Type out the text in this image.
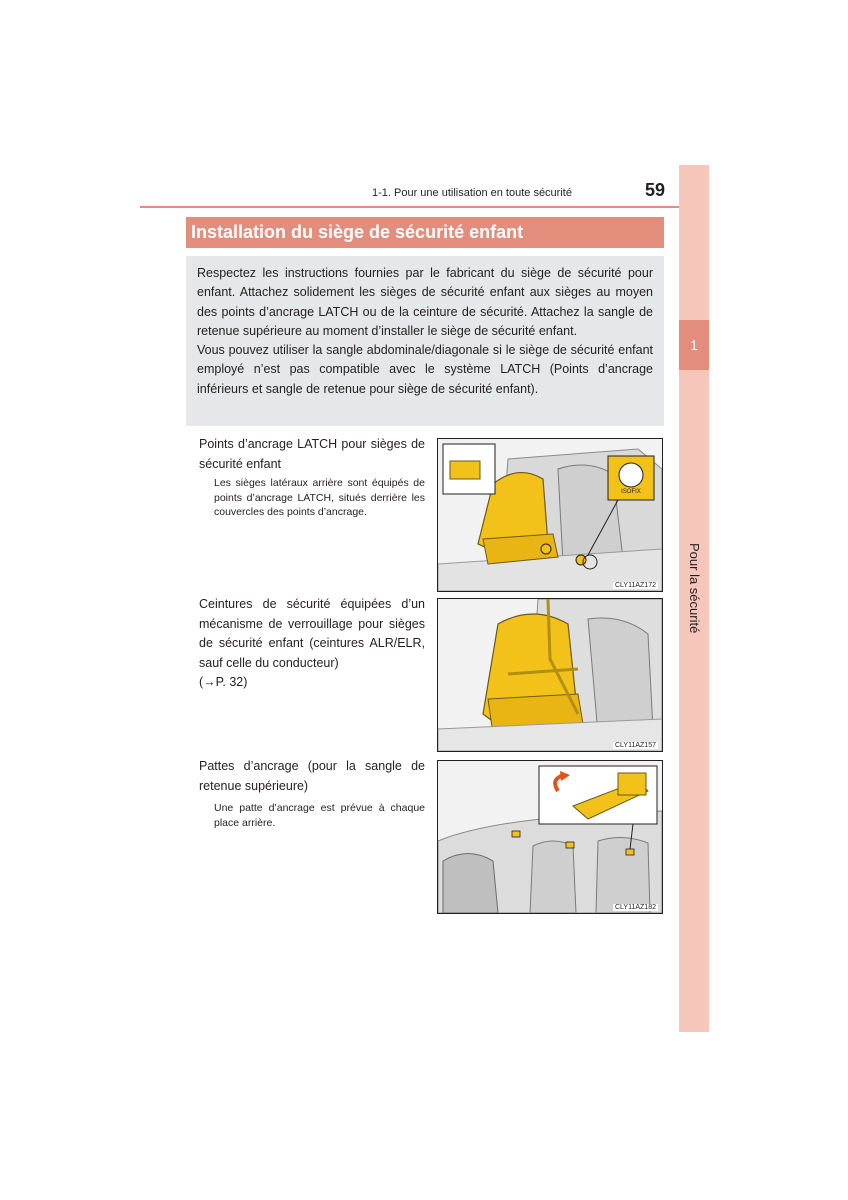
1
Pour la sécurité
1-1. Pour une utilisation en toute sécurité	59
Installation du siège de sécurité enfant

Respectez les instructions fournies par le fabricant du siège de sécurité pour enfant. Attachez solidement les sièges de sécurité enfant aux sièges au moyen des points d’ancrage LATCH ou de la ceinture de sécurité. Attachez la sangle de retenue supérieure au moment d’installer le siège de sécurité enfant.

Vous pouvez utiliser la sangle abdominale/diagonale si le siège de sécurité enfant employé n’est pas compatible avec le système LATCH (Points d’ancrage inférieurs et sangle de retenue pour siège de sécurité enfant).

Points d’ancrage LATCH pour sièges de sécurité enfant
Les sièges latéraux arrière sont équipés de points d’ancrage LATCH, situés derrière les couvercles des points d’ancrage.
ISOFIX
CLY11AZ172
Ceintures de sécurité équipées d’un mécanisme de verrouillage pour sièges de sécurité enfant (ceintures ALR/ELR, sauf celle du conducteur)
(→P. 32)
CLY11AZ157
Pattes d’ancrage (pour la sangle de retenue supérieure)
Une patte d’ancrage est prévue à chaque place arrière.
CLY11AZ182
